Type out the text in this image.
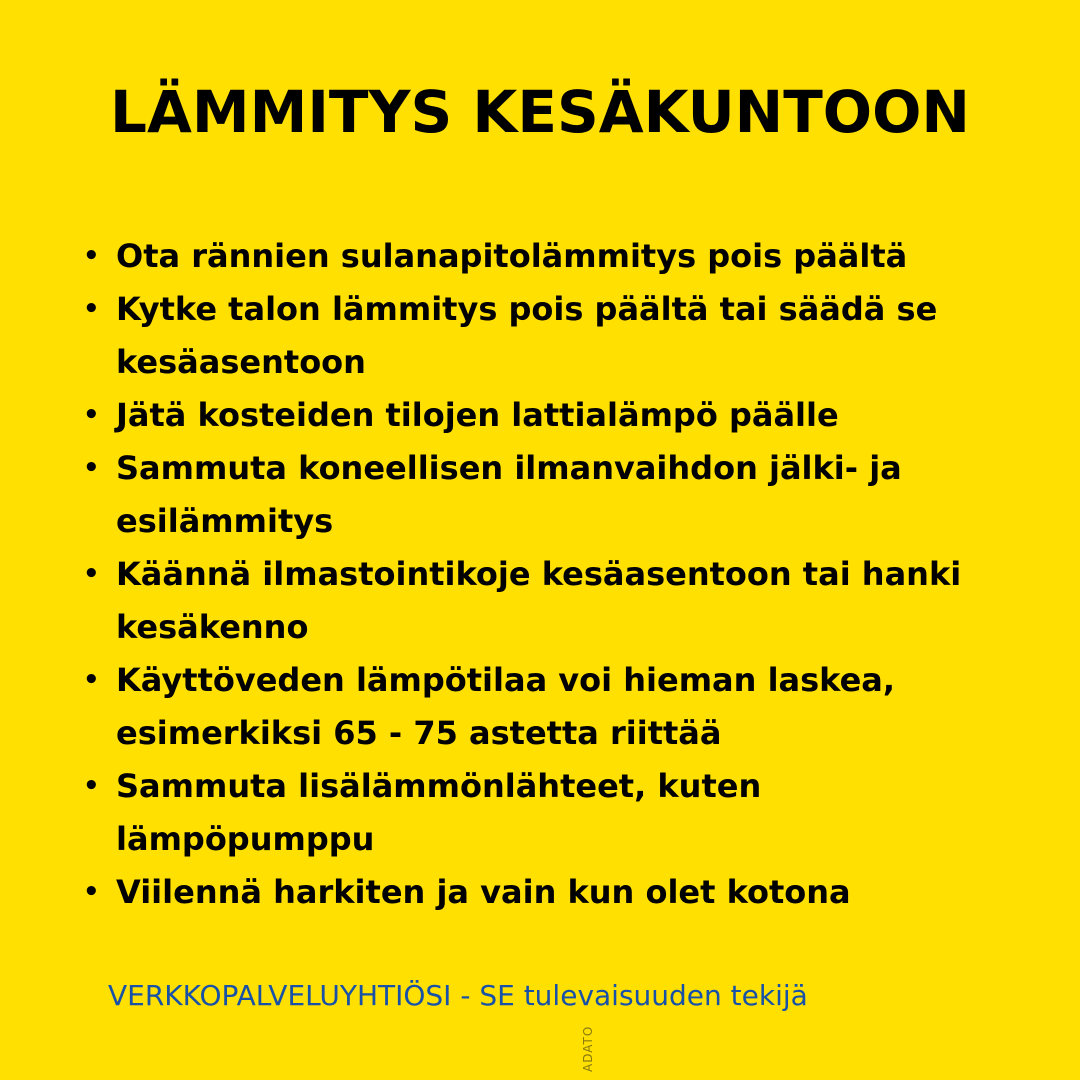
LÄMMITYS KESÄKUNTOON
• Ota rännien sulanapitolämmitys pois päältä
• Kytke talon lämmitys pois päältä tai säädä se kesäasentoon
• Jätä kosteiden tilojen lattialämpö päälle
• Sammuta koneellisen ilmanvaihdon jälki- ja esilämmitys
• Käännä ilmastointikoje kesäasentoon tai hanki kesäkenno
• Käyttöveden lämpötilaa voi hieman laskea, esimerkiksi 65 - 75 astetta riittää
• Sammuta lisälämmönlähteet, kuten lämpöpumppu
• Viilennä harkiten ja vain kun olet kotona
VERKKOPALVELUYHTIÖSI - SE tulevaisuuden tekijä
ADATO
